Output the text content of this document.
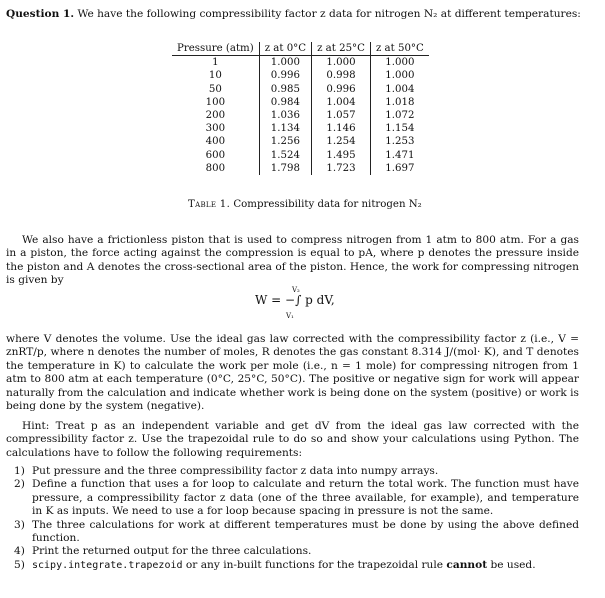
Question 1. We have the following compressibility factor z data for nitrogen N₂ at different temperatures:
Pressure (atm)	z at 0°C	z at 25°C	z at 50°C
1	1.000	1.000	1.000
10	0.996	0.998	1.000
50	0.985	0.996	1.004
100	0.984	1.004	1.018
200	1.036	1.057	1.072
300	1.134	1.146	1.154
400	1.256	1.254	1.253
600	1.524	1.495	1.471
800	1.798	1.723	1.697
Table 1. Compressibility data for nitrogen N₂

We also have a frictionless piston that is used to compress nitrogen from 1 atm to 800 atm. For a gas in a piston, the force acting against the compression is equal to pA, where p denotes the pressure inside the piston and A denotes the cross-sectional area of the piston. Hence, the work for compressing nitrogen is given by

W = −∫ p dV,
V₂
V₁

where V denotes the volume. Use the ideal gas law corrected with the compressibility factor z (i.e., V = znRT/p, where n denotes the number of moles, R denotes the gas constant 8.314 J/(mol· K), and T denotes the temperature in K) to calculate the work per mole (i.e., n = 1 mole) for compressing nitrogen from 1 atm to 800 atm at each temperature (0°C, 25°C, 50°C). The positive or negative sign for work will appear naturally from the calculation and indicate whether work is being done on the system (positive) or work is being done by the system (negative).

Hint: Treat p as an independent variable and get dV from the ideal gas law corrected with the compressibility factor z. Use the trapezoidal rule to do so and show your calculations using Python. The calculations have to follow the following requirements:

1) Put pressure and the three compressibility factor z data into numpy arrays.
2) Define a function that uses a for loop to calculate and return the total work. The function must have pressure, a compressibility factor z data (one of the three available, for example), and temperature in K as inputs. We need to use a for loop because spacing in pressure is not the same.
3) The three calculations for work at different temperatures must be done by using the above defined function.
4) Print the returned output for the three calculations.
5) scipy.integrate.trapezoid or any in-built functions for the trapezoidal rule cannot be used.
